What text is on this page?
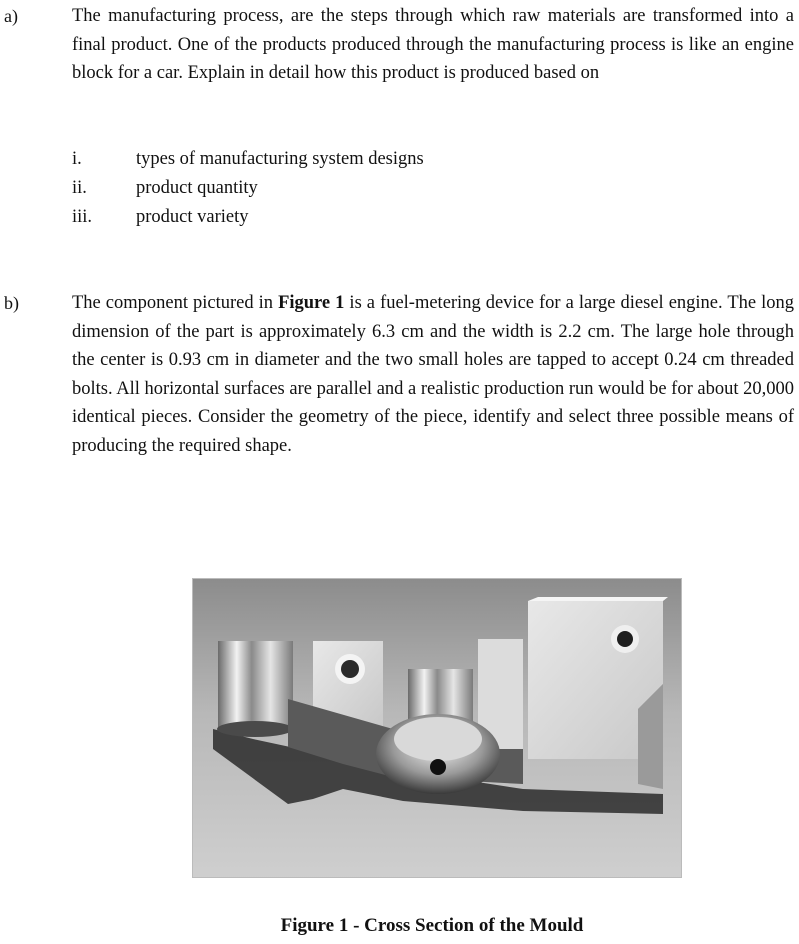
a)	The manufacturing process, are the steps through which raw materials are transformed into a final product. One of the products produced through the manufacturing process is like an engine block for a car. Explain in detail how this product is produced based on

i.	types of manufacturing system designs
ii.	product quantity
iii. product variety
b)	The component pictured in Figure 1 is a fuel-metering device for a large diesel engine. The long dimension of the part is approximately 6.3 cm and the width is 2.2 cm. The large hole through the center is 0.93 cm in diameter and the two small holes are tapped to accept 0.24 cm threaded bolts. All horizontal surfaces are parallel and a realistic production run would be for about 20,000 identical pieces. Consider the geometry of the piece, identify and select three possible means of producing the required shape.

Figure 1 - Cross Section of the Mould
